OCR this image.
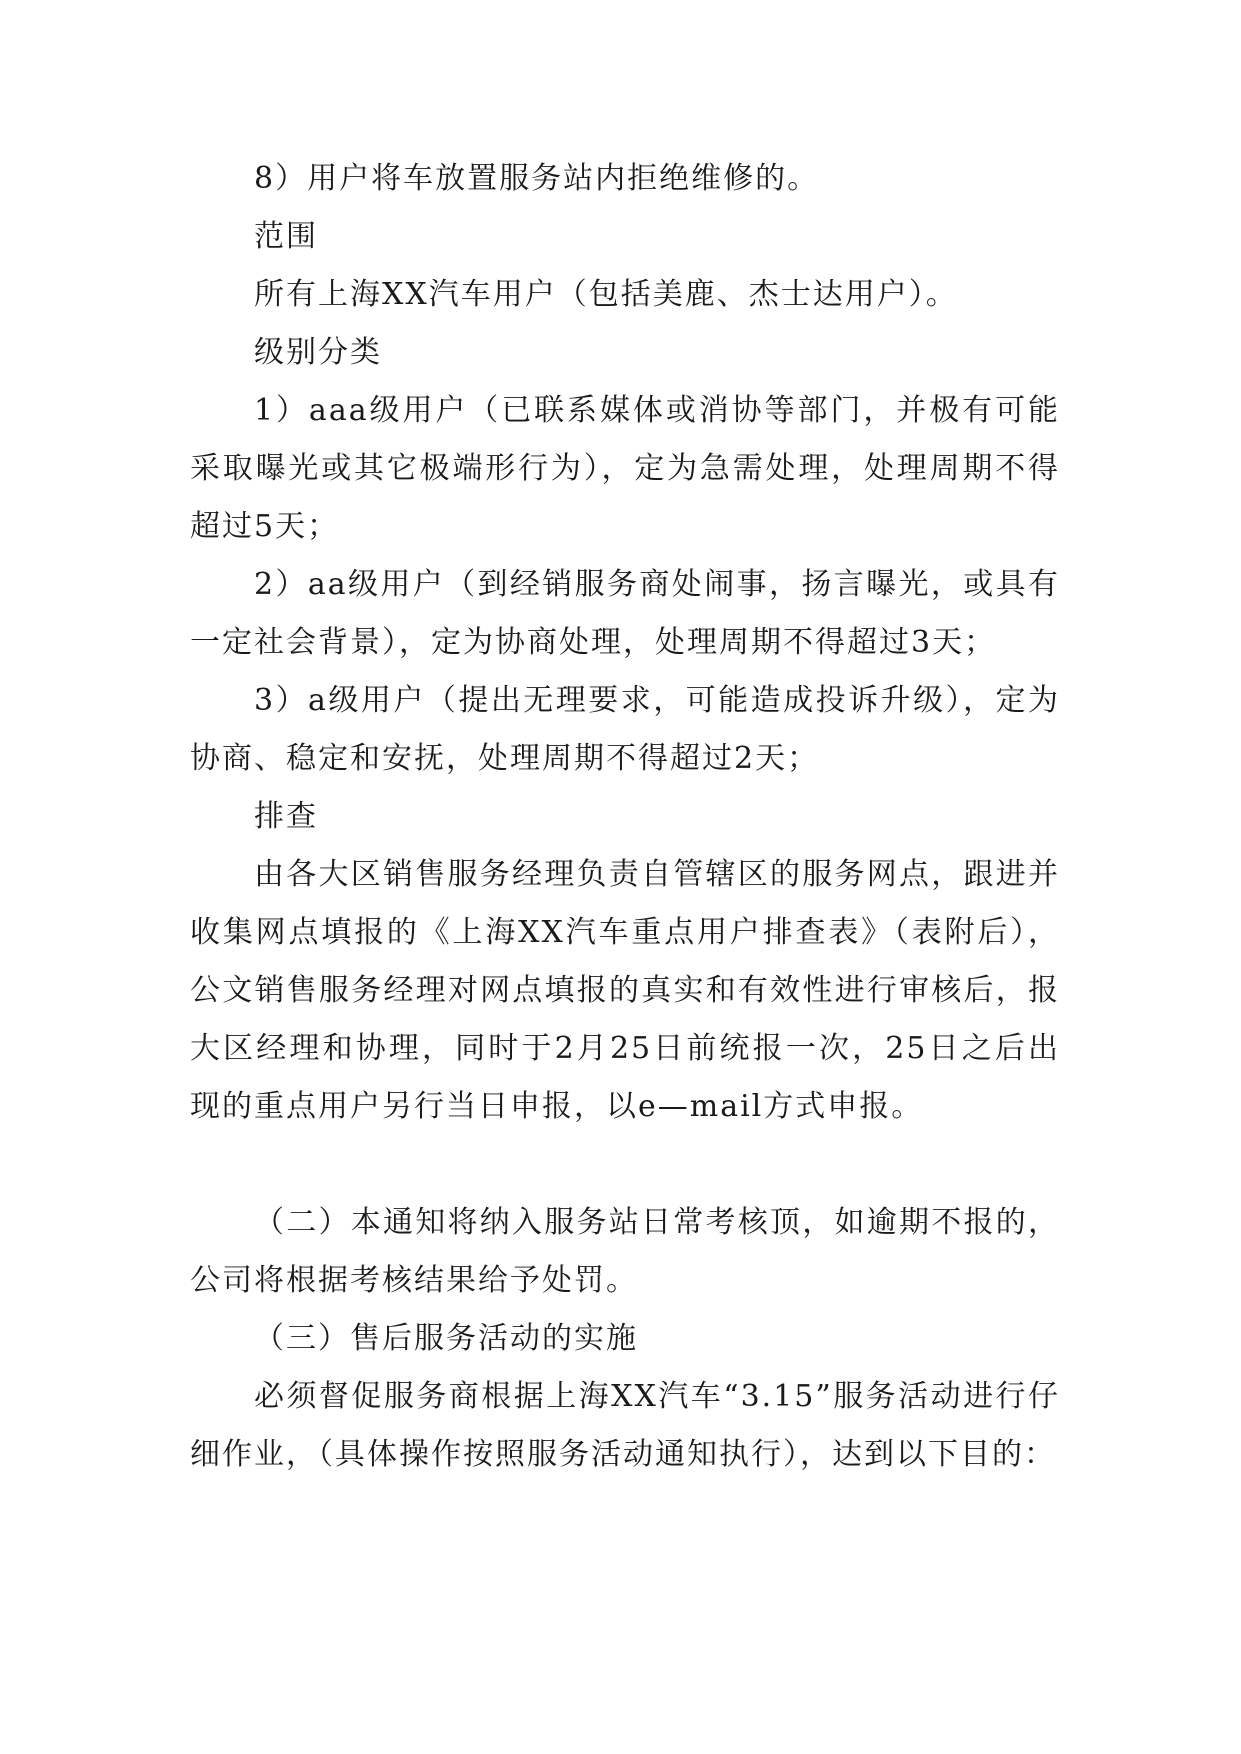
8）用户将车放置服务站内拒绝维修的。

范围

所有上海XX汽车用户（包括美鹿、杰士达用户）。

级别分类

1）aaa级用户（已联系媒体或消协等部门，并极有可能采取曝光或其它极端形行为），定为急需处理，处理周期不得超过5天；

2）aa级用户（到经销服务商处闹事，扬言曝光，或具有一定社会背景），定为协商处理，处理周期不得超过3天；

3）a级用户（提出无理要求，可能造成投诉升级），定为协商、稳定和安抚，处理周期不得超过2天；

排查

由各大区销售服务经理负责自管辖区的服务网点，跟进并收集网点填报的《上海XX汽车重点用户排查表》（表附后），公文销售服务经理对网点填报的真实和有效性进行审核后，报大区经理和协理，同时于2月25日前统报一次，25日之后出现的重点用户另行当日申报，以e—mail方式申报。

（二）本通知将纳入服务站日常考核顶，如逾期不报的，公司将根据考核结果给予处罚。

（三）售后服务活动的实施

必须督促服务商根据上海XX汽车“3.15”服务活动进行仔细作业，（具体操作按照服务活动通知执行），达到以下目的：
